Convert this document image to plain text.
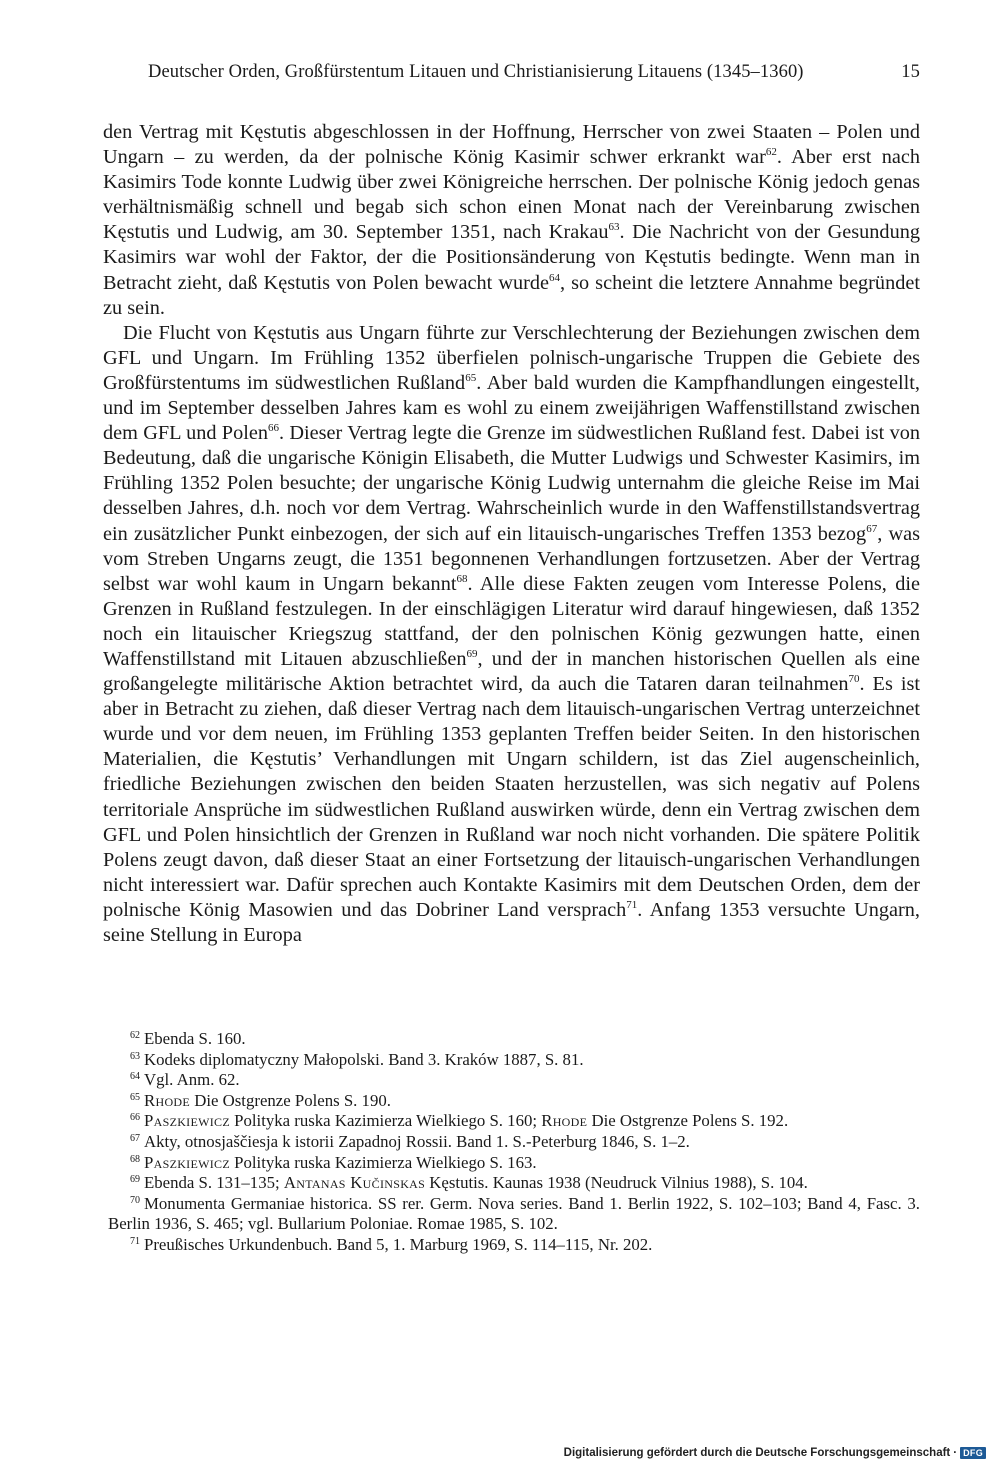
Deutscher Orden, Großfürstentum Litauen und Christianisierung Litauens (1345–1360)	15

den Vertrag mit Kęstutis abgeschlossen in der Hoffnung, Herrscher von zwei Staaten – Polen und Ungarn – zu werden, da der polnische König Kasimir schwer erkrankt war$^{62}$. Aber erst nach Kasimirs Tode konnte Ludwig über zwei Königreiche herrschen. Der polnische König jedoch genas verhältnismäßig schnell und begab sich schon einen Monat nach der Vereinbarung zwischen Kęstutis und Ludwig, am 30. September 1351, nach Krakau$^{63}$. Die Nachricht von der Gesundung Kasimirs war wohl der Faktor, der die Positionsänderung von Kęstutis bedingte. Wenn man in Betracht zieht, daß Kęstutis von Polen bewacht wurde$^{64}$, so scheint die letztere Annahme begründet zu sein.

Die Flucht von Kęstutis aus Ungarn führte zur Verschlechterung der Beziehungen zwischen dem GFL und Ungarn. Im Frühling 1352 überfielen polnisch-ungarische Truppen die Gebiete des Großfürstentums im südwestlichen Rußland$^{65}$. Aber bald wurden die Kampfhandlungen eingestellt, und im September desselben Jahres kam es wohl zu einem zweijährigen Waffenstillstand zwischen dem GFL und Polen$^{66}$. Dieser Vertrag legte die Grenze im südwestlichen Rußland fest. Dabei ist von Bedeutung, daß die ungarische Königin Elisabeth, die Mutter Ludwigs und Schwester Kasimirs, im Frühling 1352 Polen besuchte; der ungarische König Ludwig unternahm die gleiche Reise im Mai desselben Jahres, d.h. noch vor dem Vertrag. Wahrscheinlich wurde in den Waffenstillstandsvertrag ein zusätzlicher Punkt einbezogen, der sich auf ein litauisch-ungarisches Treffen 1353 bezog$^{67}$, was vom Streben Ungarns zeugt, die 1351 begonnenen Verhandlungen fortzusetzen. Aber der Vertrag selbst war wohl kaum in Ungarn bekannt$^{68}$. Alle diese Fakten zeugen vom Interesse Polens, die Grenzen in Rußland festzulegen. In der einschlägigen Literatur wird darauf hingewiesen, daß 1352 noch ein litauischer Kriegszug stattfand, der den polnischen König gezwungen hatte, einen Waffenstillstand mit Litauen abzuschließen$^{69}$, und der in manchen historischen Quellen als eine großangelegte militärische Aktion betrachtet wird, da auch die Tataren daran teilnahmen$^{70}$. Es ist aber in Betracht zu ziehen, daß dieser Vertrag nach dem litauisch-ungarischen Vertrag unterzeichnet wurde und vor dem neuen, im Frühling 1353 geplanten Treffen beider Seiten. In den historischen Materialien, die Kęstutis’ Verhandlungen mit Ungarn schildern, ist das Ziel augenscheinlich, friedliche Beziehungen zwischen den beiden Staaten herzustellen, was sich negativ auf Polens territoriale Ansprüche im südwestlichen Rußland auswirken würde, denn ein Vertrag zwischen dem GFL und Polen hinsichtlich der Grenzen in Rußland war noch nicht vorhanden. Die spätere Politik Polens zeugt davon, daß dieser Staat an einer Fortsetzung der litauisch-ungarischen Verhandlungen nicht interessiert war. Dafür sprechen auch Kontakte Kasimirs mit dem Deutschen Orden, dem der polnische König Masowien und das Dobriner Land versprach$^{71}$. Anfang 1353 versuchte Ungarn, seine Stellung in Europa

$^{62}$ Ebenda S. 160.

$^{63}$ Kodeks diplomatyczny Małopolski. Band 3. Kraków 1887, S. 81.

$^{64}$ Vgl. Anm. 62.

$^{65}$ Rhode Die Ostgrenze Polens S. 190.

$^{66}$ Paszkiewicz Polityka ruska Kazimierza Wielkiego S. 160; Rhode Die Ostgrenze Polens S. 192.

$^{67}$ Akty, otnosjaščiesja k istorii Zapadnoj Rossii. Band 1. S.-Peterburg 1846, S. 1–2.

$^{68}$ Paszkiewicz Polityka ruska Kazimierza Wielkiego S. 163.

$^{69}$ Ebenda S. 131–135; Antanas Kučinskas Kęstutis. Kaunas 1938 (Neudruck Vilnius 1988), S. 104.

$^{70}$ Monumenta Germaniae historica. SS rer. Germ. Nova series. Band 1. Berlin 1922, S. 102–103; Band 4, Fasc. 3. Berlin 1936, S. 465; vgl. Bullarium Poloniae. Romae 1985, S. 102.

$^{71}$ Preußisches Urkundenbuch. Band 5, 1. Marburg 1969, S. 114–115, Nr. 202.

Digitalisierung gefördert durch die Deutsche Forschungsgemeinschaft · DFG
